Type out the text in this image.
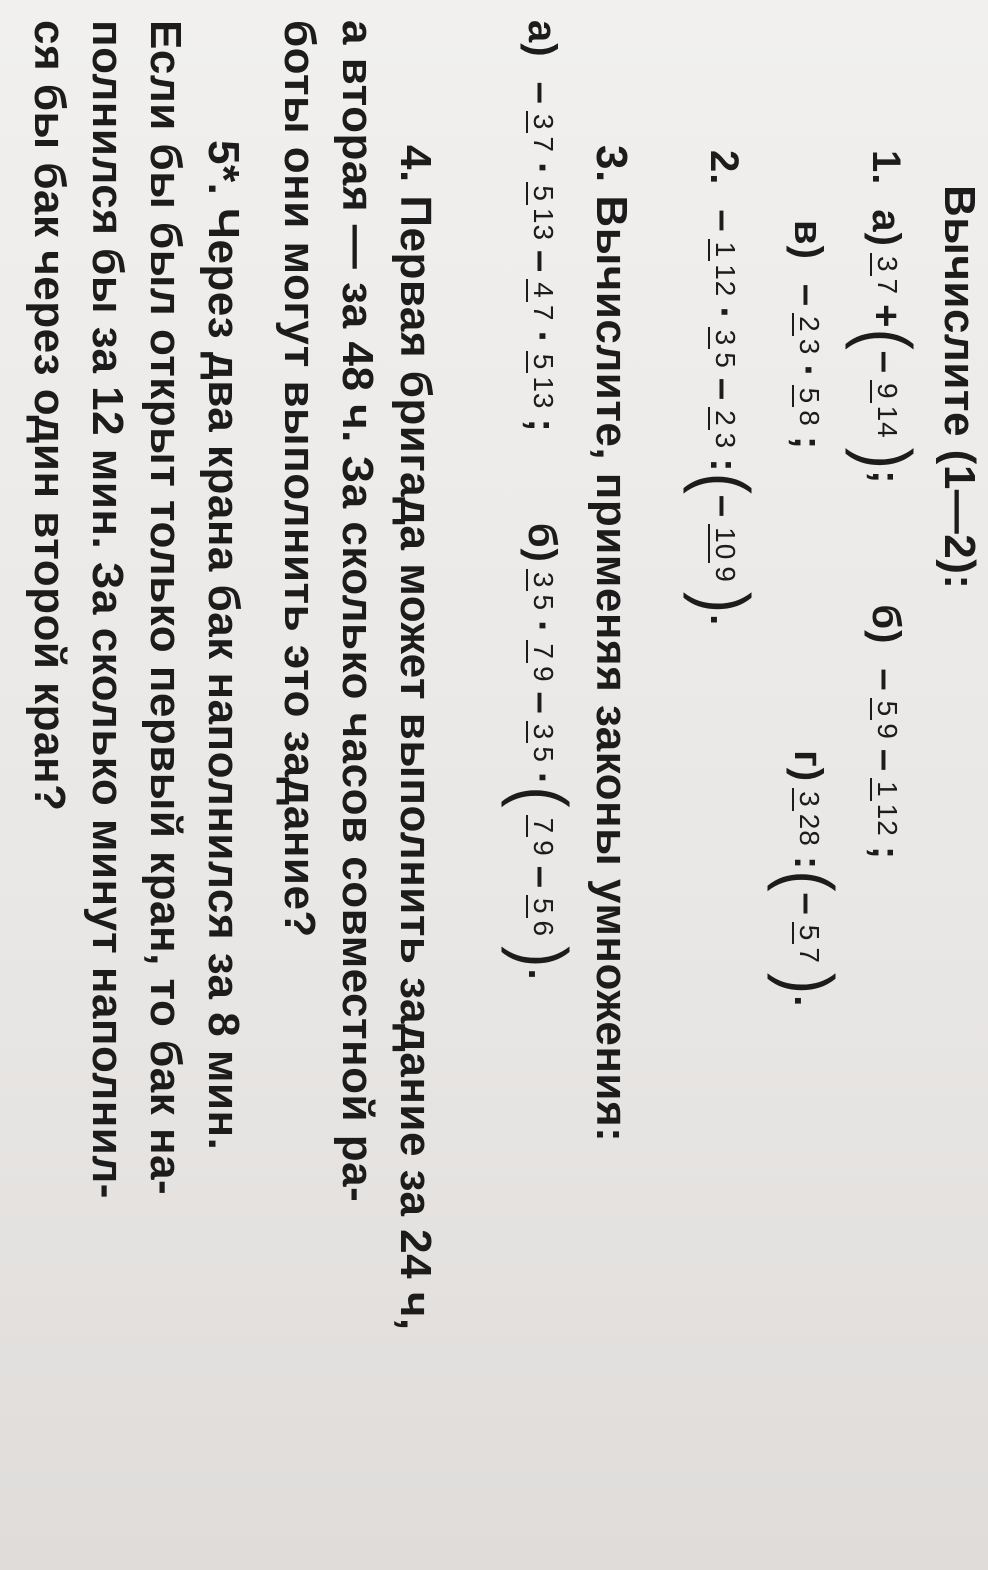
Вычислите (1—2):
1.
а)
$\frac{3}{7}$
+
(
–
$\frac{9}{14}$
)
;
б)
–
$\frac{5}{9}$
–
$\frac{1}{12}$
;
в)
–
$\frac{2}{3}$
·
$\frac{5}{8}$
;
г)
$\frac{3}{28}$
:
(
–
$\frac{5}{7}$
)
.
2.
–
$\frac{1}{12}$
·
$\frac{3}{5}$
–
$\frac{2}{3}$
:
(
–
$\frac{10}{9}$
)
.
3. Вычислите, применяя законы умножения:
а)
–
$\frac{3}{7}$
·
$\frac{5}{13}$
–
$\frac{4}{7}$
·
$\frac{5}{13}$
;
б)
$\frac{3}{5}$
·
$\frac{7}{9}$
–
$\frac{3}{5}$
·
(
$\frac{7}{9}$
–
$\frac{5}{6}$
)
.
4. Первая бригада может выполнить задание за 24 ч,
а вторая — за 48 ч. За сколько часов совместной ра-
боты они могут выполнить это задание?
5*. Через два крана бак наполнился за 8 мин.
Если бы был открыт только первый кран, то бак на-
полнился бы за 12 мин. За сколько минут наполнил-
ся бы бак через один второй кран?
